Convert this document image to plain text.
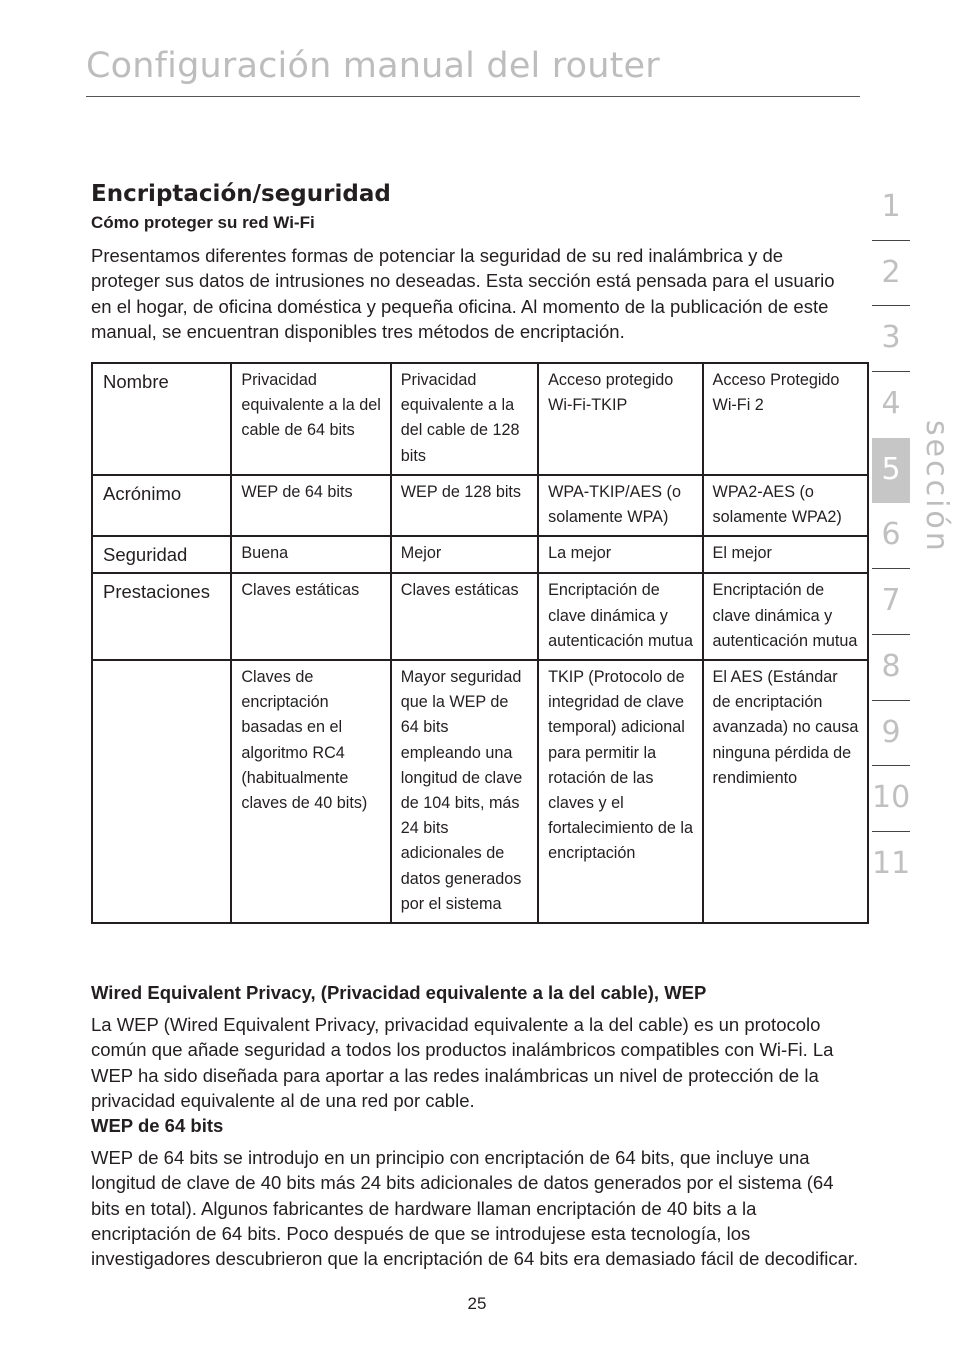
Configuración manual del router
Encriptación/seguridad

Cómo proteger su red Wi-Fi

Presentamos diferentes formas de potenciar la seguridad de su red inalámbrica y de proteger sus datos de intrusiones no deseadas. Esta sección está pensada para el usuario en el hogar, de oficina doméstica y pequeña oficina. Al momento de la publicación de este manual, se encuentran disponibles tres métodos de encriptación.

Nombre	Privacidad equivalente a la del cable de 64 bits	Privacidad equivalente a la del cable de 128 bits	Acceso protegido Wi-Fi-TKIP	Acceso Protegido Wi-Fi 2
Acrónimo	WEP de 64 bits	WEP de 128 bits	WPA-TKIP/AES (o solamente WPA)	WPA2-AES (o solamente WPA2)
Seguridad	Buena	Mejor	La mejor	El mejor
Prestaciones	Claves estáticas	Claves estáticas	Encriptación de clave dinámica y autenticación mutua	Encriptación de clave dinámica y autenticación mutua
	Claves de encriptación basadas en el algoritmo RC4 (habitualmente claves de 40 bits)	Mayor seguridad que la WEP de 64 bits empleando una longitud de clave de 104 bits, más 24 bits adicionales de datos generados por el sistema	TKIP (Protocolo de integridad de clave temporal) adicional para permitir la rotación de las claves y el fortalecimiento de la encriptación	El AES (Estándar de encriptación avanzada) no causa ninguna pérdida de rendimiento

Wired Equivalent Privacy, (Privacidad equivalente a la del cable), WEP

La WEP (Wired Equivalent Privacy, privacidad equivalente a la del cable) es un protocolo común que añade seguridad a todos los productos inalámbricos compatibles con Wi-Fi. La WEP ha sido diseñada para aportar a las redes inalámbricas un nivel de protección de la privacidad equivalente al de una red por cable.

WEP de 64 bits

WEP de 64 bits se introdujo en un principio con encriptación de 64 bits, que incluye una longitud de clave de 40 bits más 24 bits adicionales de datos generados por el sistema (64 bits en total). Algunos fabricantes de hardware llaman encriptación de 40 bits a la encriptación de 64 bits. Poco después de que se introdujese esta tecnología, los investigadores descubrieron que la encriptación de 64 bits era demasiado fácil de decodificar.

25
1
2
3
4
5
6
7
8
9
10
11
sección
